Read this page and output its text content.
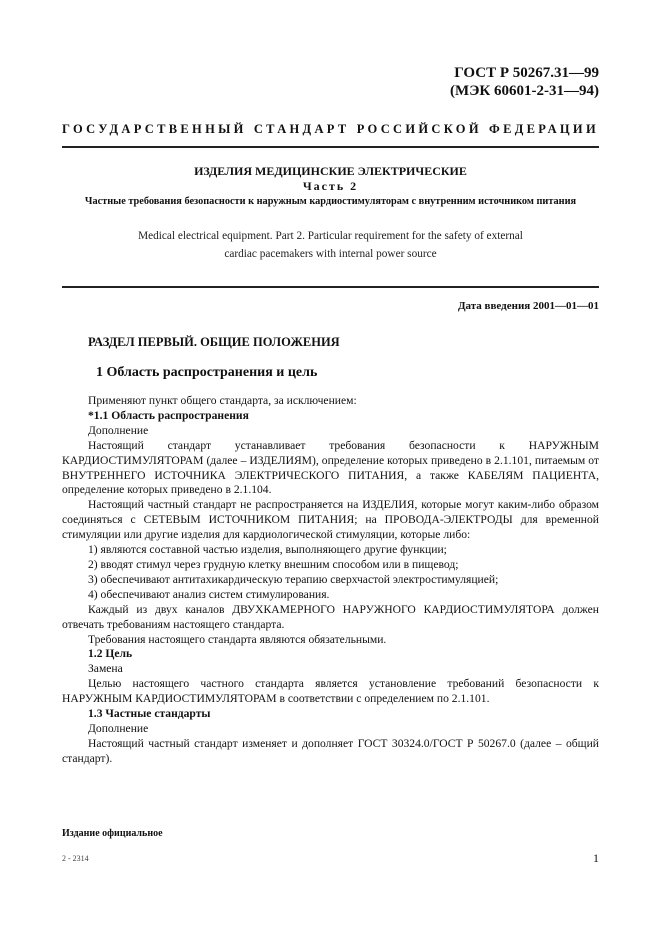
ГОСТ Р 50267.31—99
(МЭК 60601-2-31—94)
ГОСУДАРСТВЕННЫЙ СТАНДАРТ РОССИЙСКОЙ ФЕДЕРАЦИИ
ИЗДЕЛИЯ МЕДИЦИНСКИЕ ЭЛЕКТРИЧЕСКИЕ
Часть 2
Частные требования безопасности к наружным кардиостимуляторам с внутренним источником питания
Medical electrical equipment. Part 2. Particular requirement for the safety of external
cardiac pacemakers with internal power source
Дата введения 2001—01—01
РАЗДЕЛ ПЕРВЫЙ. ОБЩИЕ ПОЛОЖЕНИЯ
1 Область распространения и цель

Применяют пункт общего стандарта, за исключением:

*1.1 Область распространения

Дополнение

Настоящий стандарт устанавливает требования безопасности к НАРУЖНЫМ КАРДИОСТИМУЛЯТОРАМ (далее – ИЗДЕЛИЯМ), определение которых приведено в 2.1.101, питаемым от ВНУТРЕННЕГО ИСТОЧНИКА ЭЛЕКТРИЧЕСКОГО ПИТАНИЯ, а также КАБЕЛЯМ ПАЦИЕНТА, определение которых приведено в 2.1.104.

Настоящий частный стандарт не распространяется на ИЗДЕЛИЯ, которые могут каким-либо образом соединяться с СЕТЕВЫМ ИСТОЧНИКОМ ПИТАНИЯ; на ПРОВОДА-ЭЛЕКТРОДЫ для временной стимуляции или другие изделия для кардиологической стимуляции, которые либо:

1) являются составной частью изделия, выполняющего другие функции;

2) вводят стимул через грудную клетку внешним способом или в пищевод;

3) обеспечивают антитахикардическую терапию сверхчастой электростимуляцией;

4) обеспечивают анализ систем стимулирования.

Каждый из двух каналов ДВУХКАМЕРНОГО НАРУЖНОГО КАРДИОСТИМУЛЯТОРА должен отвечать требованиям настоящего стандарта.

Требования настоящего стандарта являются обязательными.

1.2 Цель

Замена

Целью настоящего частного стандарта является установление требований безопасности к НАРУЖНЫМ КАРДИОСТИМУЛЯТОРАМ в соответствии с определением по 2.1.101.

1.3 Частные стандарты

Дополнение

Настоящий частный стандарт изменяет и дополняет ГОСТ 30324.0/ГОСТ Р 50267.0 (далее – общий стандарт).

Издание официальное
2 - 2314	1
